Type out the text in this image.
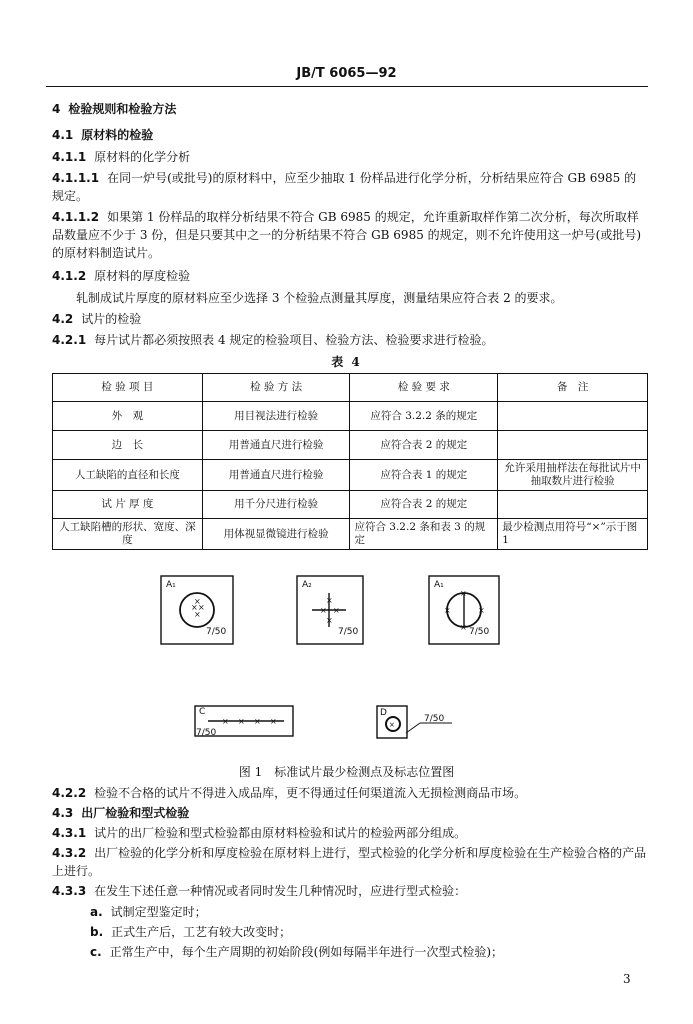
JB/T 6065—92
4 检验规则和检验方法
4.1 原材料的检验
4.1.1 原材料的化学分析
4.1.1.1 在同一炉号(或批号)的原材料中，应至少抽取 1 份样品进行化学分析，分析结果应符合 GB 6985 的规定。
4.1.1.2 如果第 1 份样品的取样分析结果不符合 GB 6985 的规定，允许重新取样作第二次分析，每次所取样品数量应不少于 3 份，但是只要其中之一的分析结果不符合 GB 6985 的规定，则不允许使用这一炉号(或批号)的原材料制造试片。
4.1.2 原材料的厚度检验
轧制成试片厚度的原材料应至少选择 3 个检验点测量其厚度，测量结果应符合表 2 的要求。
4.2 试片的检验
4.2.1 每片试片都必须按照表 4 规定的检验项目、检验方法、检验要求进行检验。
表 4
检 验 项 目	检 验 方 法	检 验 要 求	备　注
外　观	用目视法进行检验	应符合 3.2.2 条的规定	
边　长	用普通直尺进行检验	应符合表 2 的规定	
人工缺陷的直径和长度	用普通直尺进行检验	应符合表 1 的规定	允许采用抽样法在每批试片中抽取数片进行检验
试 片 厚 度	用千分尺进行检验	应符合表 2 的规定	
人工缺陷槽的形状、宽度、深度	用体视显微镜进行检验	应符合 3.2.2 条和表 3 的规定	最少检测点用符号“×”示于图 1
× ×
×
×
A₁
7/50
× ×
×
×
A₂
7/50
×
×
×	×
A₁
7/50
× × × ×
C
7/50
×
D
7/50
图 1　标准试片最少检测点及标志位置图
4.2.2 检验不合格的试片不得进入成品库，更不得通过任何渠道流入无损检测商品市场。
4.3 出厂检验和型式检验
4.3.1 试片的出厂检验和型式检验都由原材料检验和试片的检验两部分组成。
4.3.2 出厂检验的化学分析和厚度检验在原材料上进行，型式检验的化学分析和厚度检验在生产检验合格的产品上进行。
4.3.3 在发生下述任意一种情况或者同时发生几种情况时，应进行型式检验：
a. 试制定型鉴定时；
b. 正式生产后，工艺有较大改变时；
c. 正常生产中，每个生产周期的初始阶段(例如每隔半年进行一次型式检验)；
3
